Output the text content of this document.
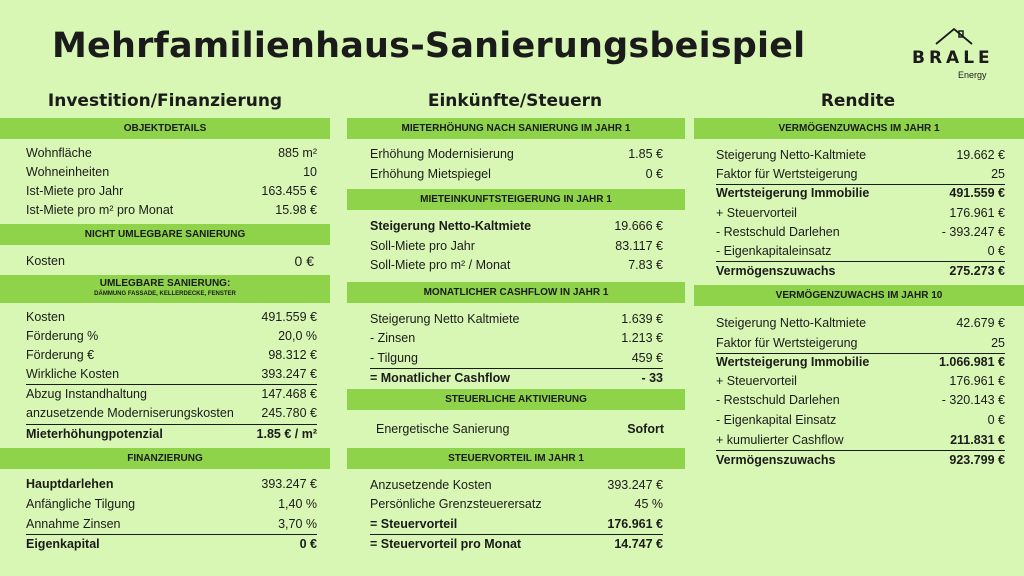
Mehrfamilienhaus-Sanierungsbeispiel	BRALE
Energy
Investition/Finanzierung	Einkünfte/Steuern	Rendite
OBJEKTDETAILS
Wohnfläche	885 m²
Wohneinheiten	10
Ist-Miete pro Jahr	163.455 €
Ist-Miete pro m² pro Monat	15.98 €
NICHT UMLEGBARE SANIERUNG
Kosten	0 €
UMLEGBARE SANIERUNG:
DÄMMUNG FASSADE, KELLERDECKE, FENSTER
Kosten	491.559 €
Förderung %	20,0 %
Förderung €	98.312 €
Wirkliche Kosten	393.247 €
Abzug Instandhaltung	147.468 €
anzusetzende Moderniserungskosten 245.780 €
Mieterhöhungpotenzial	1.85 € / m²
FINANZIERUNG
Hauptdarlehen	393.247 €
Anfängliche Tilgung	1,40 %
Annahme Zinsen	3,70 %
Eigenkapital	0 €
MIETERHÖHUNG NACH SANIERUNG IM JAHR 1
Erhöhung Modernisierung	1.85 €
Erhöhung Mietspiegel	0 €
MIETEINKUNFTSTEIGERUNG IN JAHR 1
Steigerung Netto-Kaltmiete	19.666 €
Soll-Miete pro Jahr	83.117 €
Soll-Miete pro m² / Monat	7.83 €
MONATLICHER CASHFLOW IN JAHR 1
Steigerung Netto Kaltmiete	1.639 €
- Zinsen	1.213 €
- Tilgung	459 €
= Monatlicher Cashflow	- 33
STEUERLICHE AKTIVIERUNG
Energetische Sanierung	Sofort
STEUERVORTEIL IM JAHR 1
Anzusetzende Kosten	393.247 €
Persönliche Grenzsteuerersatz	45 %
= Steuervorteil	176.961 €
= Steuervorteil pro Monat	14.747 €
VERMÖGENZUWACHS IM JAHR 1
Steigerung Netto-Kaltmiete	19.662 €
Faktor für Wertsteigerung	25
Wertsteigerung Immobilie	491.559 €
+ Steuervorteil	176.961 €
- Restschuld Darlehen	- 393.247 €
- Eigenkapitaleinsatz	0 €
Vermögenszuwachs	275.273 €
VERMÖGENZUWACHS IM JAHR 10
Steigerung Netto-Kaltmiete	42.679 €
Faktor für Wertsteigerung	25
Wertsteigerung Immobilie	1.066.981 €
+ Steuervorteil	176.961 €
- Restschuld Darlehen	- 320.143 €
- Eigenkapital Einsatz	0 €
+ kumulierter Cashflow	211.831 €
Vermögenszuwachs	923.799 €
